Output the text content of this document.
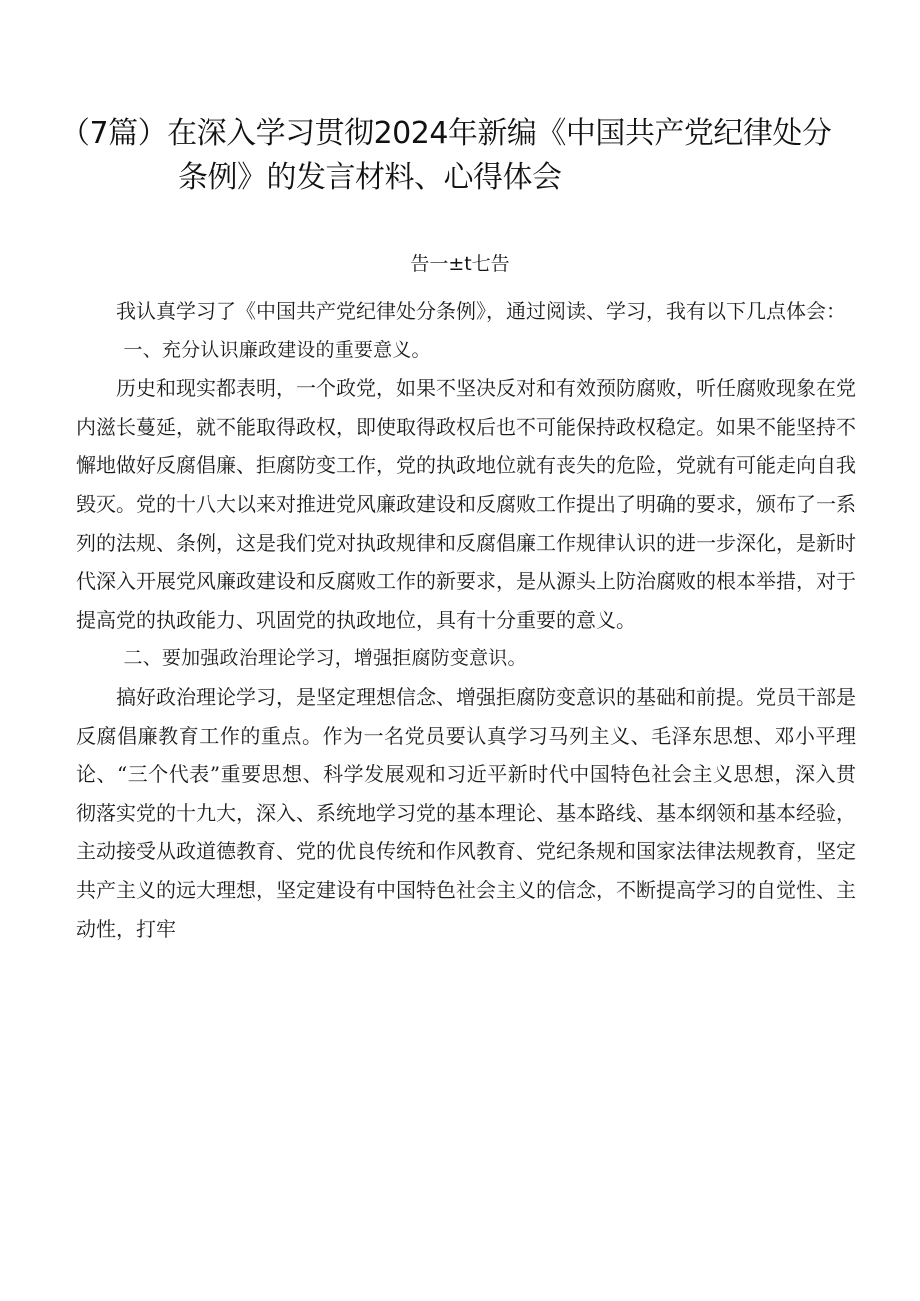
（7篇）在深入学习贯彻2024年新编《中国共产党纪律处分
条例》的发言材料、心得体会
告一±t七告

我认真学习了《中国共产党纪律处分条例》，通过阅读、学习，我有以下几点体会：

一、充分认识廉政建设的重要意义。

历史和现实都表明，一个政党，如果不坚决反对和有效预防腐败，听任腐败现象在党内滋长蔓延，就不能取得政权，即使取得政权后也不可能保持政权稳定。如果不能坚持不懈地做好反腐倡廉、拒腐防变工作，党的执政地位就有丧失的危险，党就有可能走向自我毁灭。党的十八大以来对推进党风廉政建设和反腐败工作提出了明确的要求，颁布了一系列的法规、条例，这是我们党对执政规律和反腐倡廉工作规律认识的进一步深化，是新时代深入开展党风廉政建设和反腐败工作的新要求，是从源头上防治腐败的根本举措，对于提高党的执政能力、巩固党的执政地位，具有十分重要的意义。

二、要加强政治理论学习，增强拒腐防变意识。

搞好政治理论学习，是坚定理想信念、增强拒腐防变意识的基础和前提。党员干部是反腐倡廉教育工作的重点。作为一名党员要认真学习马列主义、毛泽东思想、邓小平理论、“三个代表”重要思想、科学发展观和习近平新时代中国特色社会主义思想，深入贯彻落实党的十九大，深入、系统地学习党的基本理论、基本路线、基本纲领和基本经验，主动接受从政道德教育、党的优良传统和作风教育、党纪条规和国家法律法规教育，坚定共产主义的远大理想，坚定建设有中国特色社会主义的信念，不断提高学习的自觉性、主动性，打牢
